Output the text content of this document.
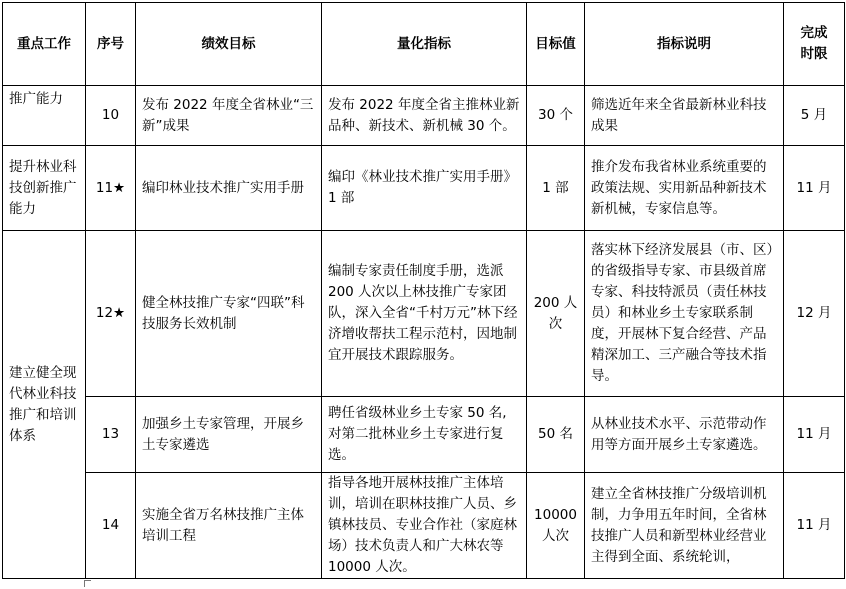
重点工作	序号	绩效目标	量化指标	目标值	指标说明	完成
时限
推广能力	10	发布 2022 年度全省林业“三新”成果	发布 2022 年度全省主推林业新品种、新技术、新机械 30 个。	30 个	筛选近年来全省最新林业科技成果	5 月
提升林业科技创新推广能力	11★	编印林业技术推广实用手册	编印《林业技术推广实用手册》1 部	1 部	推介发布我省林业系统重要的政策法规、实用新品种新技术新机械，专家信息等。	11 月
建立健全现代林业科技推广和培训体系	12★	健全林技推广专家“四联”科技服务长效机制	编制专家责任制度手册，选派 200 人次以上林技推广专家团队，深入全省“千村万元”林下经济增收帮扶工程示范村，因地制宜开展技术跟踪服务。	200 人次	落实林下经济发展县（市、区）的省级指导专家、市县级首席专家、科技特派员（责任林技员）和林业乡土专家联系制度，开展林下复合经营、产品精深加工、三产融合等技术指导。	12 月
	13	加强乡土专家管理，开展乡土专家遴选	聘任省级林业乡土专家 50 名,对第二批林业乡土专家进行复选。	50 名	从林业技术水平、示范带动作用等方面开展乡土专家遴选。	11 月
	14	实施全省万名林技推广主体培训工程	指导各地开展林技推广主体培训，培训在职林技推广人员、乡镇林技员、专业合作社（家庭林场）技术负责人和广大林农等 10000 人次。	10000 人次	建立全省林技推广分级培训机制，力争用五年时间，全省林技推广人员和新型林业经营业主得到全面、系统轮训，	11 月
